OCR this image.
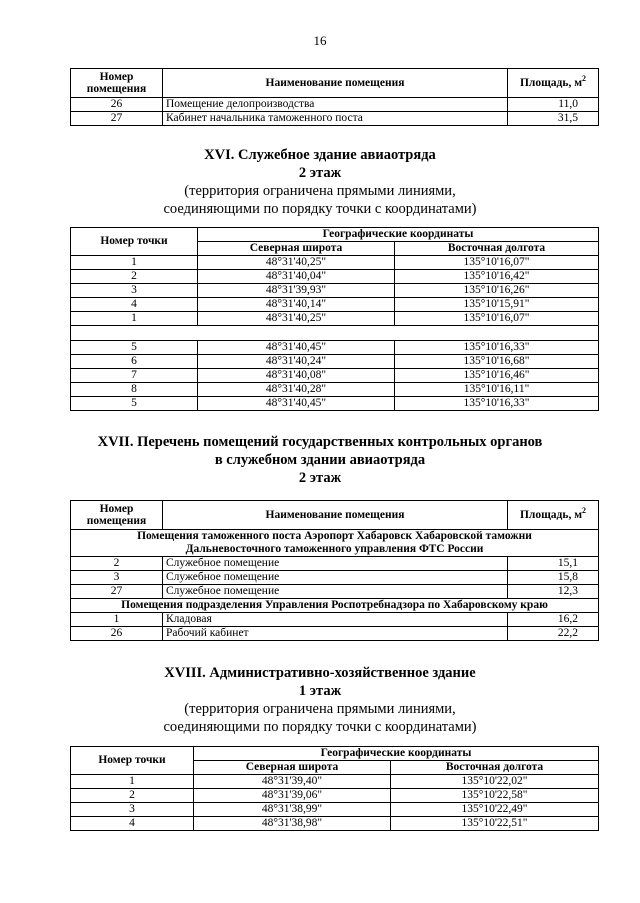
16
Номер помещения	Наименование помещения	Площадь, $м^2$
26	Помещение делопроизводства	11,0
27	Кабинет начальника таможенного поста	31,5
XVI. Служебное здание авиаотряда
2 этаж
(территория ограничена прямыми линиями,
соединяющими по порядку точки с координатами)
Номер точки	Географические координаты	
	Северная широта	Восточная долгота
1	48°31'40,25"	135°10'16,07"
2	48°31'40,04"	135°10'16,42"
3	48°31'39,93"	135°10'16,26"
4	48°31'40,14"	135°10'15,91"
1	48°31'40,25"	135°10'16,07"

5	48°31'40,45"	135°10'16,33"
6	48°31'40,24"	135°10'16,68"
7	48°31'40,08"	135°10'16,46"
8	48°31'40,28"	135°10'16,11"
5	48°31'40,45"	135°10'16,33"
XVII. Перечень помещений государственных контрольных органов
в служебном здании авиаотряда
2 этаж
Номер помещения	Наименование помещения	Площадь, $м^2$
Помещения таможенного поста Аэропорт Хабаровск Хабаровской таможни Дальневосточного таможенного управления ФТС России		
2	Служебное помещение	15,1
3	Служебное помещение	15,8
27	Служебное помещение	12,3
Помещения подразделения Управления Роспотребнадзора по Хабаровскому краю		
1	Кладовая	16,2
26	Рабочий кабинет	22,2
XVIII. Административно-хозяйственное здание
1 этаж
(территория ограничена прямыми линиями,
соединяющими по порядку точки с координатами)
Номер точки	Географические координаты	
	Северная широта	Восточная долгота
1	48°31'39,40"	135°10'22,02"
2	48°31'39,06"	135°10'22,58"
3	48°31'38,99"	135°10'22,49"
4	48°31'38,98"	135°10'22,51"
